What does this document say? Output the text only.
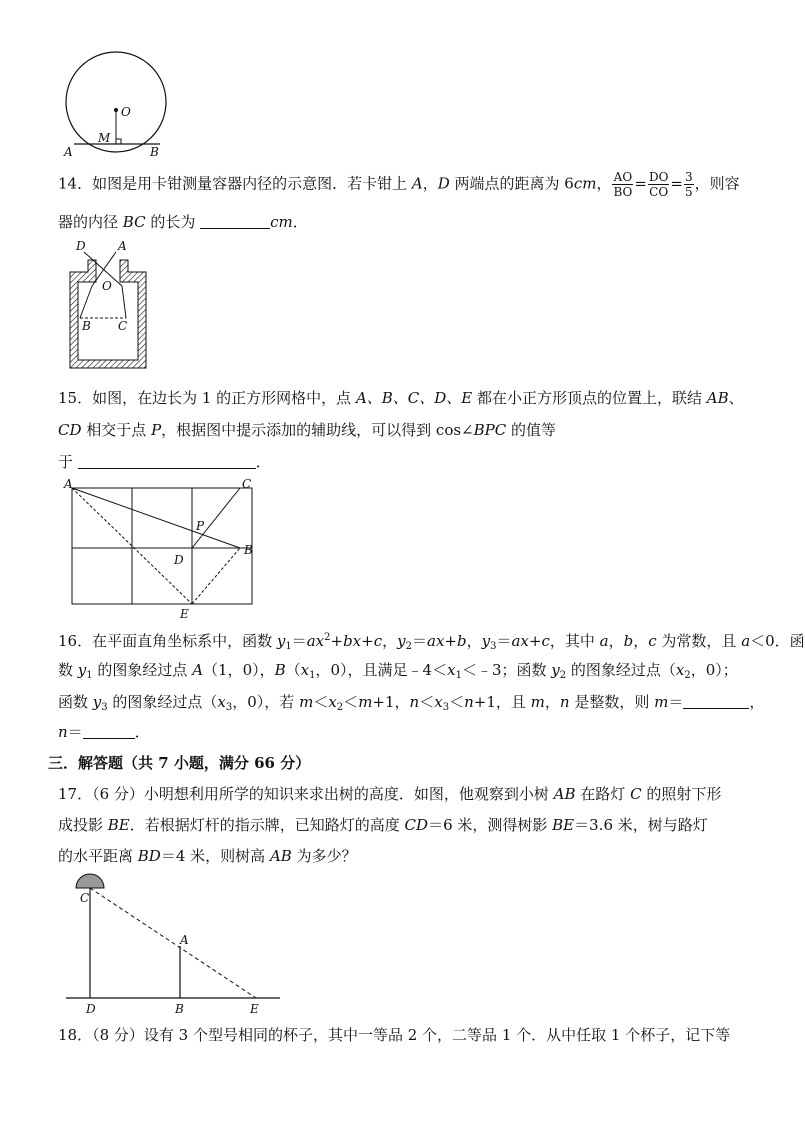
O
M
A	B
14．如图是用卡钳测量容器内径的示意图．若卡钳上 A，D 两端点的距离为 6cm， $\frac{AO}{BO} = \frac{DO}{CO} = \frac{3}{5}$ ，则容
器的内径 BC 的长为	cm．
D	A
O
B C
15．如图，在边长为 1 的正方形网格中，点 A、B、C、D、E 都在小正方形顶点的位置上，联结 AB、
CD 相交于点 P，根据图中提示添加的辅助线，可以得到 cos∠BPC 的值等
于	．
A	C
P
D
B
E
16．在平面直角坐标系中，函数 $y_1=ax^2+bx+c$，$y_2=ax+b$，$y_3=ax+c$，其中 a，b，c 为常数，且 a＜0．函
数 $y_1$ 的图象经过点 A（1，0），$B(x_1$，0），且满足$﹣4<x_1<﹣3$；函数 $y_2$ 的图象经过点（$x_2$，0）；
函数 $y_3$ 的图象经过点（$x_3$，0），若 $m<x_2<m+1$，$n<x_3<n+1$，且 m，n 是整数，则 m＝	，
n＝	．
三．解答题（共 7 小题，满分 66 分）
17．（6 分）小明想利用所学的知识来求出树的高度．如图，他观察到小树 AB 在路灯 C 的照射下形
成投影 BE．若根据灯杆的指示牌，已知路灯的高度 CD＝6 米，测得树影 BE＝3.6 米，树与路灯
的水平距离 BD＝4 米，则树高 AB 为多少？
C
A
D	B	E
18．（8 分）设有 3 个型号相同的杯子，其中一等品 2 个，二等品 1 个．从中任取 1 个杯子，记下等
